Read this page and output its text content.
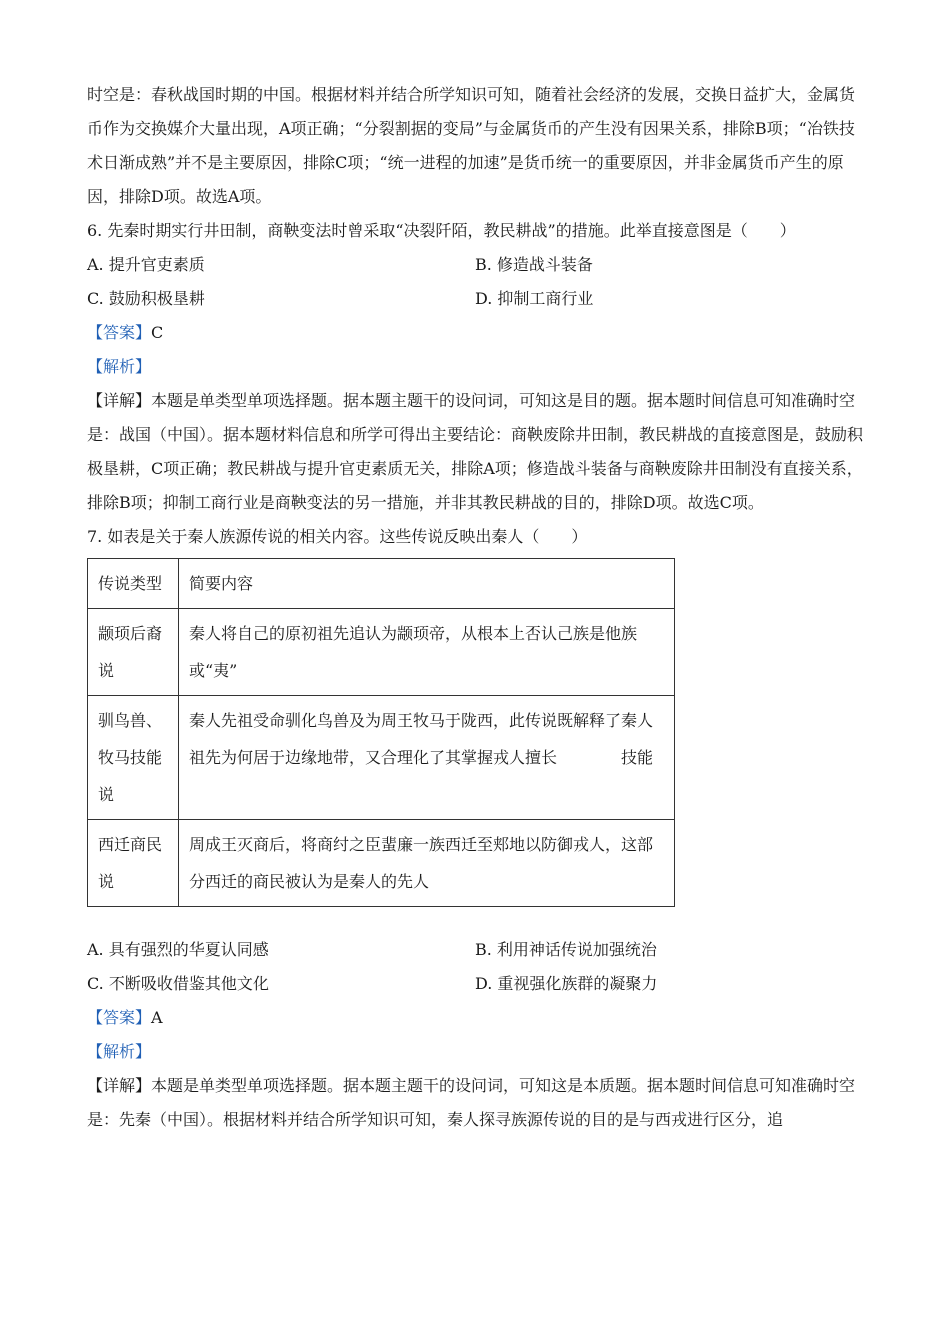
时空是：春秋战国时期的中国。根据材料并结合所学知识可知，随着社会经济的发展，交换日益扩大，金属货币作为交换媒介大量出现，A项正确；“分裂割据的变局”与金属货币的产生没有因果关系，排除B项；“冶铁技术日渐成熟”并不是主要原因，排除C项；“统一进程的加速”是货币统一的重要原因，并非金属货币产生的原因，排除D项。故选A项。

6. 先秦时期实行井田制，商鞅变法时曾采取“决裂阡陌，教民耕战”的措施。此举直接意图是（　　）

A. 提升官吏素质	B. 修造战斗装备
C. 鼓励积极垦耕	D. 抑制工商行业

【答案】C

【解析】

【详解】本题是单类型单项选择题。据本题主题干的设问词，可知这是目的题。据本题时间信息可知准确时空是：战国（中国）。据本题材料信息和所学可得出主要结论：商鞅废除井田制，教民耕战的直接意图是，鼓励积极垦耕，C项正确；教民耕战与提升官吏素质无关，排除A项；修造战斗装备与商鞅废除井田制没有直接关系，排除B项；抑制工商行业是商鞅变法的另一措施，并非其教民耕战的目的，排除D项。故选C项。

7. 如表是关于秦人族源传说的相关内容。这些传说反映出秦人（　　）

传说类型	简要内容
颛顼后裔说	秦人将自己的原初祖先追认为颛顼帝，从根本上否认己族是他族或“夷”
驯鸟兽、牧马技能说	秦人先祖受命驯化鸟兽及为周王牧马于陇西，此传说既解释了秦人祖先为何居于边缘地带，又合理化了其掌握戎人擅长 技能
西迁商民说	周成王灭商后，将商纣之臣蜚廉一族西迁至郏地以防御戎人，这部分西迁的商民被认为是秦人的先人
A. 具有强烈的华夏认同感	B. 利用神话传说加强统治
C. 不断吸收借鉴其他文化	D. 重视强化族群的凝聚力

【答案】A

【解析】

【详解】本题是单类型单项选择题。据本题主题干的设问词，可知这是本质题。据本题时间信息可知准确时空是：先秦（中国）。根据材料并结合所学知识可知，秦人探寻族源传说的目的是与西戎进行区分，追
